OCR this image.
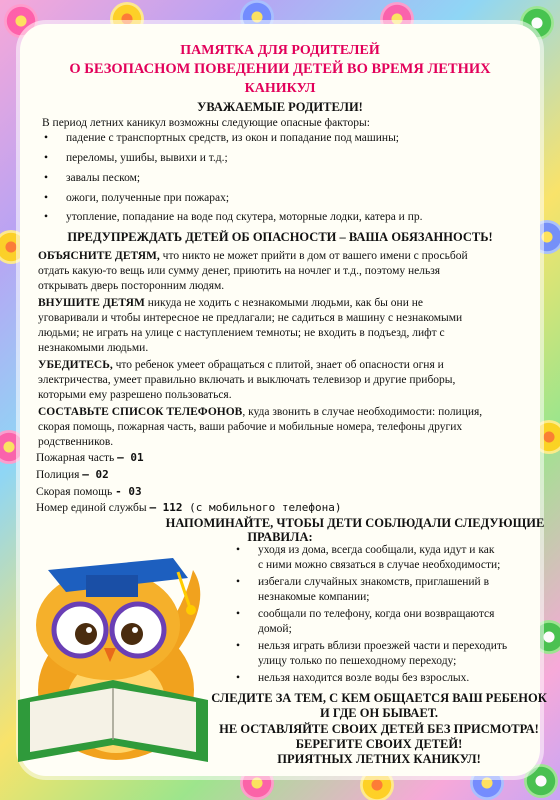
ПАМЯТКА ДЛЯ РОДИТЕЛЕЙ
О БЕЗОПАСНОМ ПОВЕДЕНИИ ДЕТЕЙ ВО ВРЕМЯ ЛЕТНИХ
КАНИКУЛ
УВАЖАЕМЫЕ РОДИТЕЛИ!
В период летних каникул возможны следующие опасные факторы:
• падение с транспортных средств, из окон и попадание под машины;
• переломы, ушибы, вывихи и т.д.;
• завалы песком;
• ожоги, полученные при пожарах;
• утопление, попадание на воде под скутера, моторные лодки, катера и пр.
ПРЕДУПРЕЖДАТЬ ДЕТЕЙ ОБ ОПАСНОСТИ – ВАША ОБЯЗАННОСТЬ!
ОБЪЯСНИТЕ ДЕТЯМ, что никто не может прийти в дом от вашего имени с просьбой
отдать какую-то вещь или сумму денег, приютить на ночлег и т.д., поэтому нельзя
открывать дверь посторонним людям.
ВНУШИТЕ ДЕТЯМ никуда не ходить с незнакомыми людьми, как бы они не
уговаривали и чтобы интересное не предлагали; не садиться в машину с незнакомыми
людьми; не играть на улице с наступлением темноты; не входить в подъезд, лифт с
незнакомыми людьми.
УБЕДИТЕСЬ, что ребенок умеет обращаться с плитой, знает об опасности огня и
электричества, умеет правильно включать и выключать телевизор и другие приборы,
которыми ему разрешено пользоваться.
СОСТАВЬТЕ СПИСОК ТЕЛЕФОНОВ, куда звонить в случае необходимости: полиция,
скорая помощь, пожарная часть, ваши рабочие и мобильные номера, телефоны других
родственников.
Пожарная часть – 01
Полиция – 02
Скорая помощь - 03
Номер единой службы – 112 (с мобильного телефона)
НАПОМИНАЙТЕ, ЧТОБЫ ДЕТИ СОБЛЮДАЛИ СЛЕДУЮЩИЕ
ПРАВИЛА:
• уходя из дома, всегда сообщали, куда идут и как
с ними можно связаться в случае необходимости;
• избегали случайных знакомств, приглашений в
незнакомые компании;
• сообщали по телефону, когда они возвращаются
домой;
• нельзя играть вблизи проезжей части и переходить
улицу только по пешеходному переходу;
• нельзя находится возле воды без взрослых.
СЛЕДИТЕ ЗА ТЕМ, С КЕМ ОБЩАЕТСЯ ВАШ РЕБЕНОК
И ГДЕ ОН БЫВАЕТ.
НЕ ОСТАВЛЯЙТЕ СВОИХ ДЕТЕЙ БЕЗ ПРИСМОТРА!
БЕРЕГИТЕ СВОИХ ДЕТЕЙ!
ПРИЯТНЫХ ЛЕТНИХ КАНИКУЛ!
